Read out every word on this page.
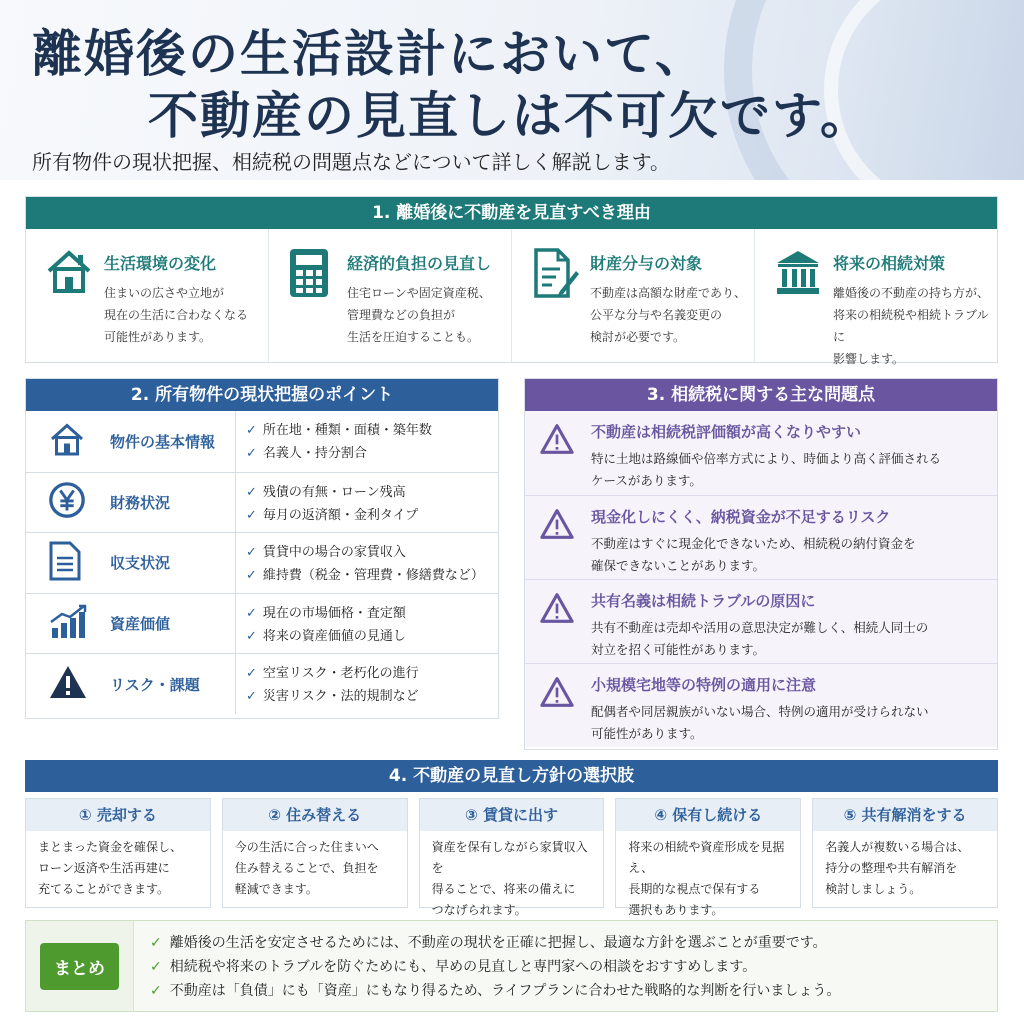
離婚後の生活設計において、
不動産の見直しは不可欠です。
所有物件の現状把握、相続税の問題点などについて詳しく解説します。
1. 離婚後に不動産を見直すべき理由
生活環境の変化

住まいの広さや立地が
現在の生活に合わなくなる
可能性があります。

経済的負担の見直し

住宅ローンや固定資産税、
管理費などの負担が
生活を圧迫することも。

財産分与の対象

不動産は高額な財産であり、
公平な分与や名義変更の
検討が必要です。

将来の相続対策

離婚後の不動産の持ち方が、
将来の相続税や相続トラブルに
影響します。

2. 所有物件の現状把握のポイント
物件の基本情報
✓ 所在地・種類・面積・築年数
✓ 名義人・持分割合
財務状況
✓ 残債の有無・ローン残高
✓ 毎月の返済額・金利タイプ
収支状況
✓ 賃貸中の場合の家賃収入
✓ 維持費（税金・管理費・修繕費など）
資産価値
✓ 現在の市場価格・査定額
✓ 将来の資産価値の見通し
リスク・課題
✓ 空室リスク・老朽化の進行
✓ 災害リスク・法的規制など
3. 相続税に関する主な問題点
不動産は相続税評価額が高くなりやすい

特に土地は路線価や倍率方式により、時価より高く評価される
ケースがあります。

現金化しにくく、納税資金が不足するリスク

不動産はすぐに現金化できないため、相続税の納付資金を
確保できないことがあります。

共有名義は相続トラブルの原因に

共有不動産は売却や活用の意思決定が難しく、相続人同士の
対立を招く可能性があります。

小規模宅地等の特例の適用に注意

配偶者や同居親族がいない場合、特例の適用が受けられない
可能性があります。

4. 不動産の見直し方針の選択肢
① 売却する

まとまった資金を確保し、
ローン返済や生活再建に
充てることができます。

② 住み替える

今の生活に合った住まいへ
住み替えることで、負担を
軽減できます。

③ 賃貸に出す

資産を保有しながら家賃収入を
得ることで、将来の備えに
つなげられます。

④ 保有し続ける

将来の相続や資産形成を見据え、
長期的な視点で保有する
選択もあります。

⑤ 共有解消をする

名義人が複数いる場合は、
持分の整理や共有解消を
検討しましょう。

まとめ
✓ 離婚後の生活を安定させるためには、不動産の現状を正確に把握し、最適な方針を選ぶことが重要です。
✓ 相続税や将来のトラブルを防ぐためにも、早めの見直しと専門家への相談をおすすめします。
✓ 不動産は「負債」にも「資産」にもなり得るため、ライフプランに合わせた戦略的な判断を行いましょう。
